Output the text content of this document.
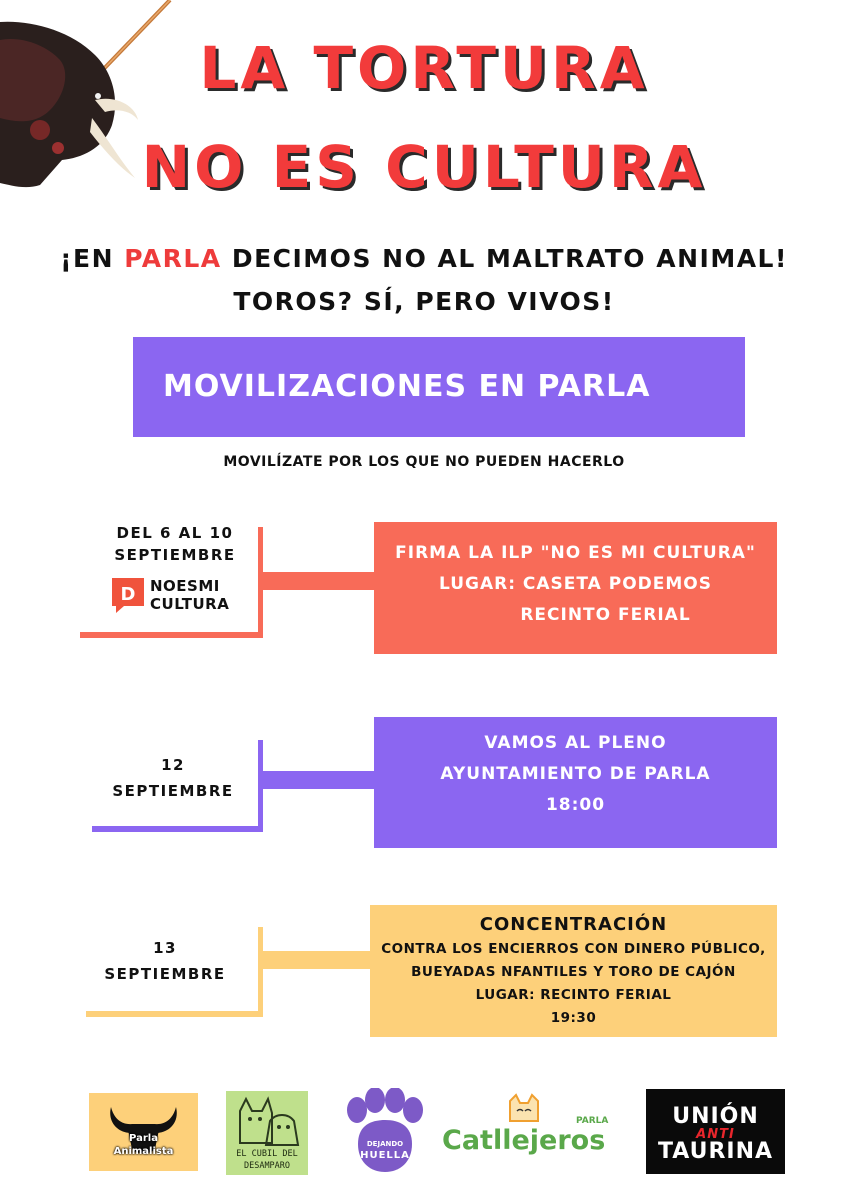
LA TORTURA
NO ES CULTURA
¡EN PARLA DECIMOS NO AL MALTRATO ANIMAL!
TOROS? SÍ, PERO VIVOS!
MOVILIZACIONES EN PARLA
MOVILÍZATE POR LOS QUE NO PUEDEN HACERLO
DEL 6 AL 10
SEPTIEMBRE
D NOESMI
CULTURA
FIRMA LA ILP "NO ES MI CULTURA"
LUGAR: CASETA PODEMOS
RECINTO FERIAL
12
SEPTIEMBRE
VAMOS AL PLENO
AYUNTAMIENTO DE PARLA
18:00
13
SEPTIEMBRE
CONCENTRACIÓN
CONTRA LOS ENCIERROS CON DINERO PÚBLICO,
BUEYADAS NFANTILES Y TORO DE CAJÓN
LUGAR: RECINTO FERIAL
19:30
Parla
Animalista	EL CUBIL DEL
DESAMPARO
DEJANDO
HUELLA
PARLA
Catllejeros
UNIÓN
ANTI
TAURINA
